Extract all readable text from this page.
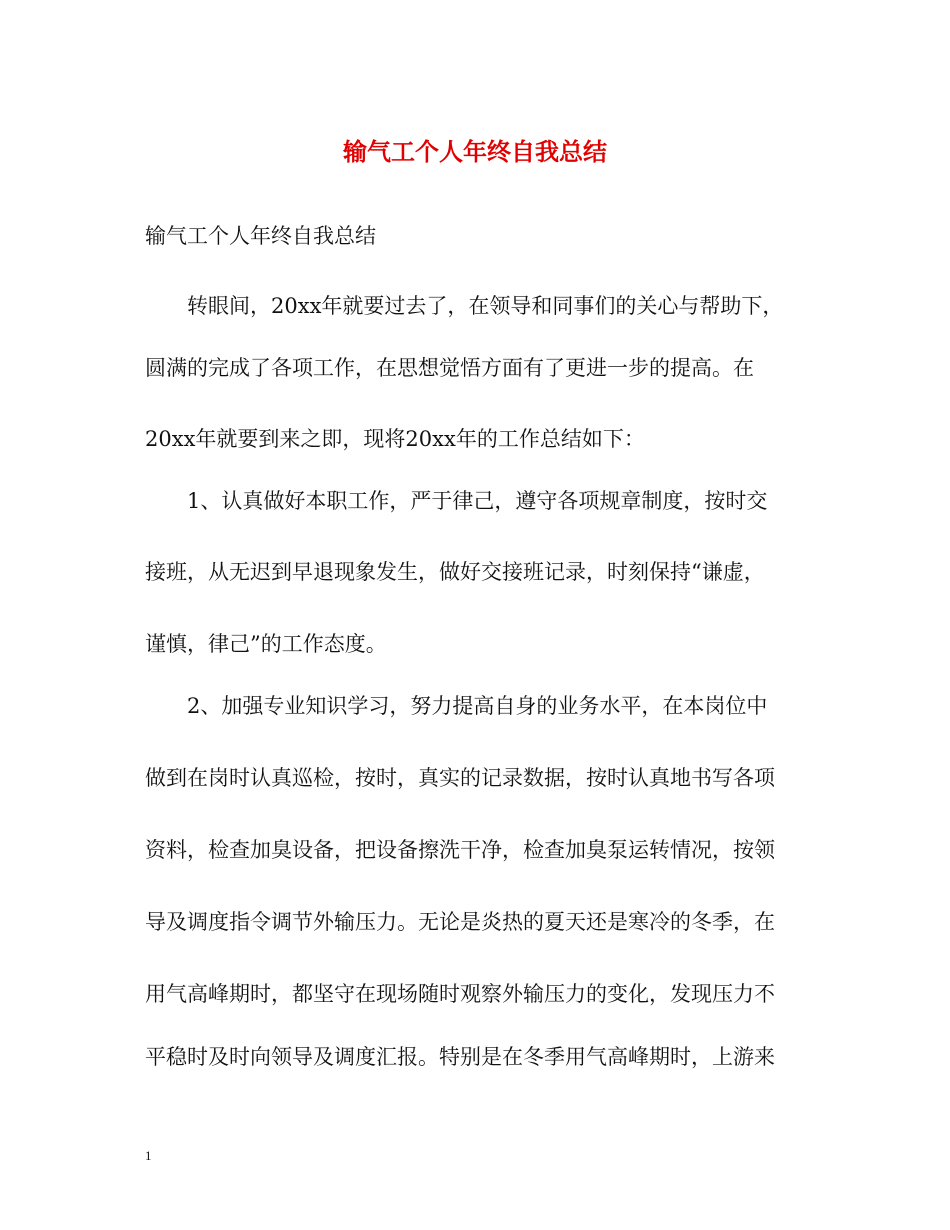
输气工个人年终自我总结

输气工个人年终自我总结

转眼间，20xx年就要过去了，在领导和同事们的关心与帮助下，

圆满的完成了各项工作，在思想觉悟方面有了更进一步的提高。在

20xx年就要到来之即，现将20xx年的工作总结如下：

1、认真做好本职工作，严于律己，遵守各项规章制度，按时交

接班，从无迟到早退现象发生，做好交接班记录，时刻保持“谦虚，

谨慎，律己”的工作态度。

2、加强专业知识学习，努力提高自身的业务水平，在本岗位中

做到在岗时认真巡检，按时，真实的记录数据，按时认真地书写各项

资料，检查加臭设备，把设备擦洗干净，检查加臭泵运转情况，按领

导及调度指令调节外输压力。无论是炎热的夏天还是寒冷的冬季，在

用气高峰期时，都坚守在现场随时观察外输压力的变化，发现压力不

平稳时及时向领导及调度汇报。特别是在冬季用气高峰期时，上游来

1
